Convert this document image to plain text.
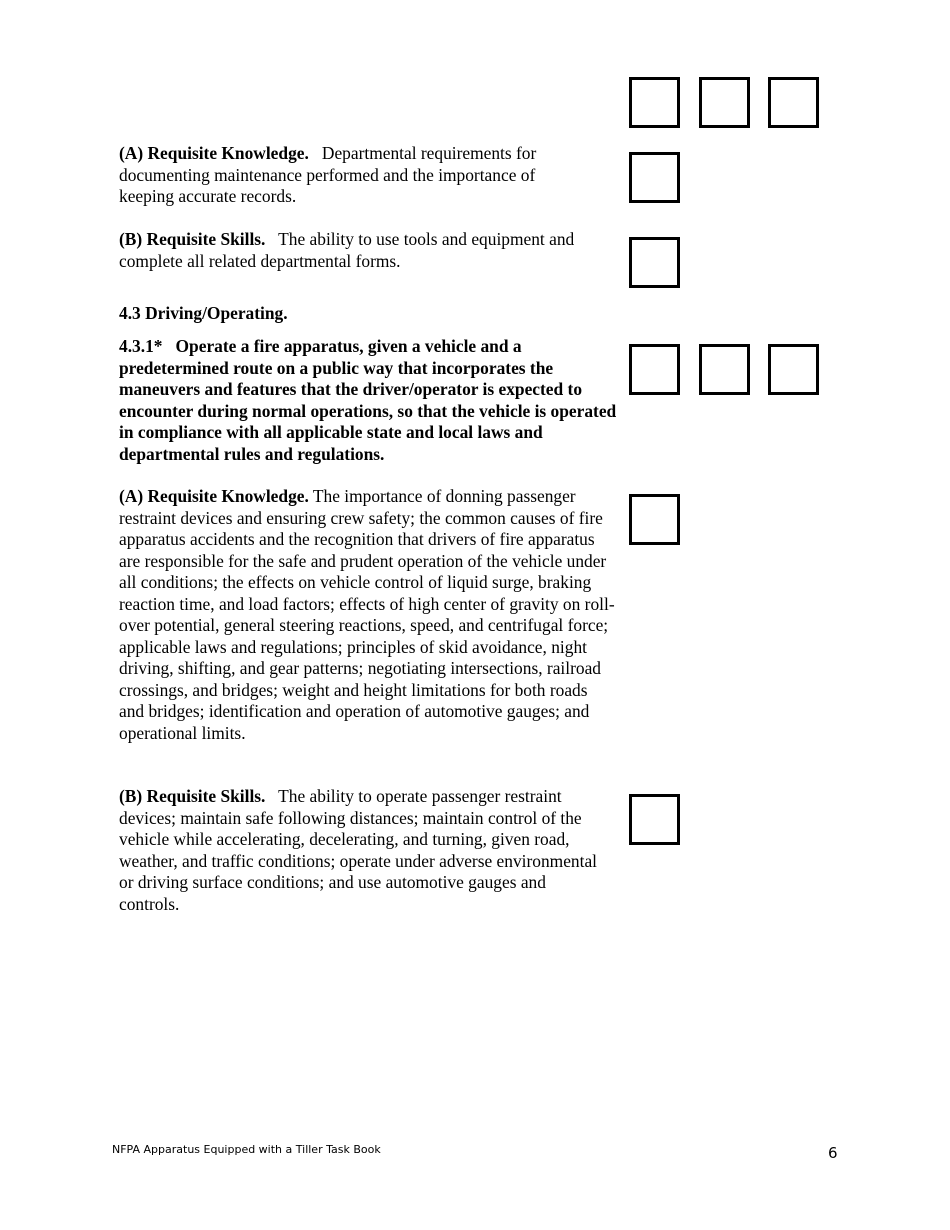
(A) Requisite Knowledge. Departmental requirements for documenting maintenance performed and the importance of keeping accurate records.

(B) Requisite Skills. The ability to use tools and equipment and complete all related departmental forms.

4.3 Driving/Operating.

4.3.1* Operate a fire apparatus, given a vehicle and a predetermined route on a public way that incorporates the maneuvers and features that the driver/operator is expected to encounter during normal operations, so that the vehicle is operated in compliance with all applicable state and local laws and departmental rules and regulations.

(A) Requisite Knowledge. The importance of donning passenger restraint devices and ensuring crew safety; the common causes of fire apparatus accidents and the recognition that drivers of fire apparatus are responsible for the safe and prudent operation of the vehicle under all conditions; the effects on vehicle control of liquid surge, braking reaction time, and load factors; effects of high center of gravity on roll-over potential, general steering reactions, speed, and centrifugal force; applicable laws and regulations; principles of skid avoidance, night driving, shifting, and gear patterns; negotiating intersections, railroad crossings, and bridges; weight and height limitations for both roads and bridges; identification and operation of automotive gauges; and operational limits.

(B) Requisite Skills. The ability to operate passenger restraint devices; maintain safe following distances; maintain control of the vehicle while accelerating, decelerating, and turning, given road, weather, and traffic conditions; operate under adverse environmental or driving surface conditions; and use automotive gauges and controls.

NFPA Apparatus Equipped with a Tiller Task Book	6
